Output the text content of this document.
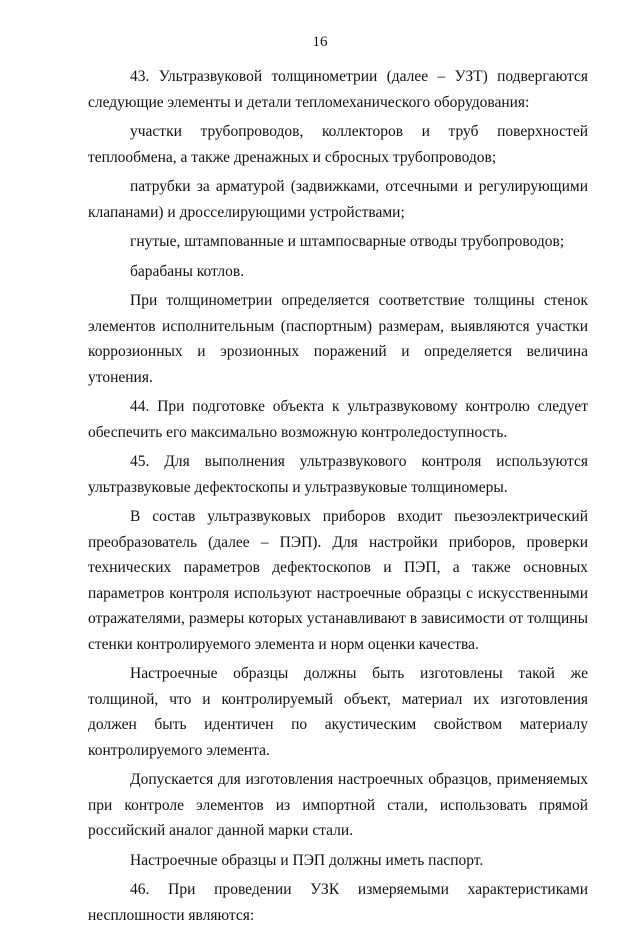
16

43. Ультразвуковой толщинометрии (далее – УЗТ) подвергаются следующие элементы и детали тепломеханического оборудования:

участки трубопроводов, коллекторов и труб поверхностей теплообмена, а также дренажных и сбросных трубопроводов;

патрубки за арматурой (задвижками, отсечными и регулирующими клапанами) и дросселирующими устройствами;

гнутые, штампованные и штампосварные отводы трубопроводов;

барабаны котлов.

При толщинометрии определяется соответствие толщины стенок элементов исполнительным (паспортным) размерам, выявляются участки коррозионных и эрозионных поражений и определяется величина утонения.

44. При подготовке объекта к ультразвуковому контролю следует обеспечить его максимально возможную контроледоступность.

45. Для выполнения ультразвукового контроля используются ультразвуковые дефектоскопы и ультразвуковые толщиномеры.

В состав ультразвуковых приборов входит пьезоэлектрический преобразователь (далее – ПЭП). Для настройки приборов, проверки технических параметров дефектоскопов и ПЭП, а также основных параметров контроля используют настроечные образцы с искусственными отражателями, размеры которых устанавливают в зависимости от толщины стенки контролируемого элемента и норм оценки качества.

Настроечные образцы должны быть изготовлены такой же толщиной, что и контролируемый объект, материал их изготовления должен быть идентичен по акустическим свойством материалу контролируемого элемента.

Допускается для изготовления настроечных образцов, применяемых при контроле элементов из импортной стали, использовать прямой российский аналог данной марки стали.

Настроечные образцы и ПЭП должны иметь паспорт.

46. При проведении УЗК измеряемыми характеристиками несплошности являются:
